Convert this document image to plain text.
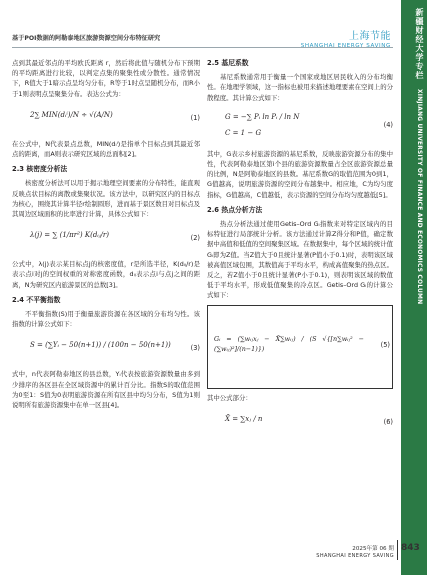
基于POI数据的阿勒泰地区旅游资源空间分布特征研究	上海节能
SHANGHAI ENERGY SAVING	新疆财经大学专栏 XINJIANG UNIVERSITY OF FINANCE AND ECONOMICS COLUMN

点到其最近邻点的平均欧氏距离 r，然后将此值与随机分布下预期的平均距离进行比较，以判定点集的聚集性或分散性。通常情况下，R值大于1暗示点呈均匀分布，R等于1时点呈随机分布，而R小于1则表明点呈聚集分布。表达公式为：

2∑ MIN(dᵢⁱ)/N ÷ √(A/N)	(1)

在公式中，N代表景点总数，MIN(dᵢⁱ)是指单个目标点到其最近邻点的距离，而A则表示研究区域的总面积[2]。

2.3 核密度分析法

核密度分析法可以用于揭示地理空间要素的分布特性，能直观反映点状目标的离散或集聚状况。该方法中，以研究区内的目标点为核心，围绕其计算半径r绘制圆形，进而基于景区数目对目标点及其周边区域面积的比率进行计算，具体公式如下：

λ(j) = ∑ (1/πr²) K(dᵢⱼ/r)	(2)

公式中，λ(j)表示某目标点j的核密度值，r是所选半径，K(dᵢⱼ/r)是表示点i对j的空间权重的对称密度函数，dᵢⱼ表示点i与点j之间的距离，N为研究区内旅游景区的总数[3]。

2.4 不平衡指数

不平衡指数(S)用于衡量旅游资源在各区域的分布均匀性。该指数的计算公式如下：

S = (∑Yᵢ − 50(n+1)) / (100n − 50(n+1))	(3)

式中，n代表阿勒泰地区的县总数，Yᵢ代表按旅游资源数量由多到少排序的各区县在全区域资源中的累计百分比。指数S的取值范围为0至1：S值为0表明旅游资源在所有区县中均匀分布，S值为1则说明所有旅游资源集中在单一区县[4]。

2.5 基尼系数

基尼系数通常用于衡量一个国家或地区居民收入的分布均衡性。在地理学领域，这一指标也被用来描述地理要素在空间上的分散程度。其计算公式如下：

G = −∑ Pᵢ ln Pᵢ / ln N
C = 1 − G
(4)

其中，G表示乡村旅游资源的基尼系数，反映旅游资源分布的集中性，代表阿勒泰地区第i个县的旅游资源数量占全区旅游资源总量的比例，N是阿勒泰地区的县数。基尼系数G的取值范围为0到1，G值越高，说明旅游资源的空间分布越集中。相应地，C为均匀度指标，G值越高，C值越低，表示资源的空间分布均匀度越低[5]。

2.6 热点分析方法

热点分析法通过使用Getis–Ord Gᵢ指数来对特定区域内的目标特征进行局部统计分析。该方法通过计算Z得分和P值，确定数据中高值和低值的空间聚集区域。在数据集中，每个区域的统计值Gᵢ即为Z值。当Z值大于0且统计显著(P值小于0.1)时，表明该区域被高值区域包围，其数值高于平均水平，构成高值聚集的热点区。反之，若Z值小于0且统计显著(P小于0.1)，则表明该区域的数值低于平均水平，形成低值聚集的冷点区。Getis–Ord Gᵢ的计算公式如下：

Gᵢ = (∑wᵢⱼxⱼ − X̄∑wᵢⱼ) / (S √{[n∑wᵢⱼ² − (∑wᵢⱼ)²]/(n−1)})
(5)

其中公式部分：

X̄ = ∑xⱼ / n	(6)
2025年第 06 期
SHANGHAI ENERGY SAVING
843
